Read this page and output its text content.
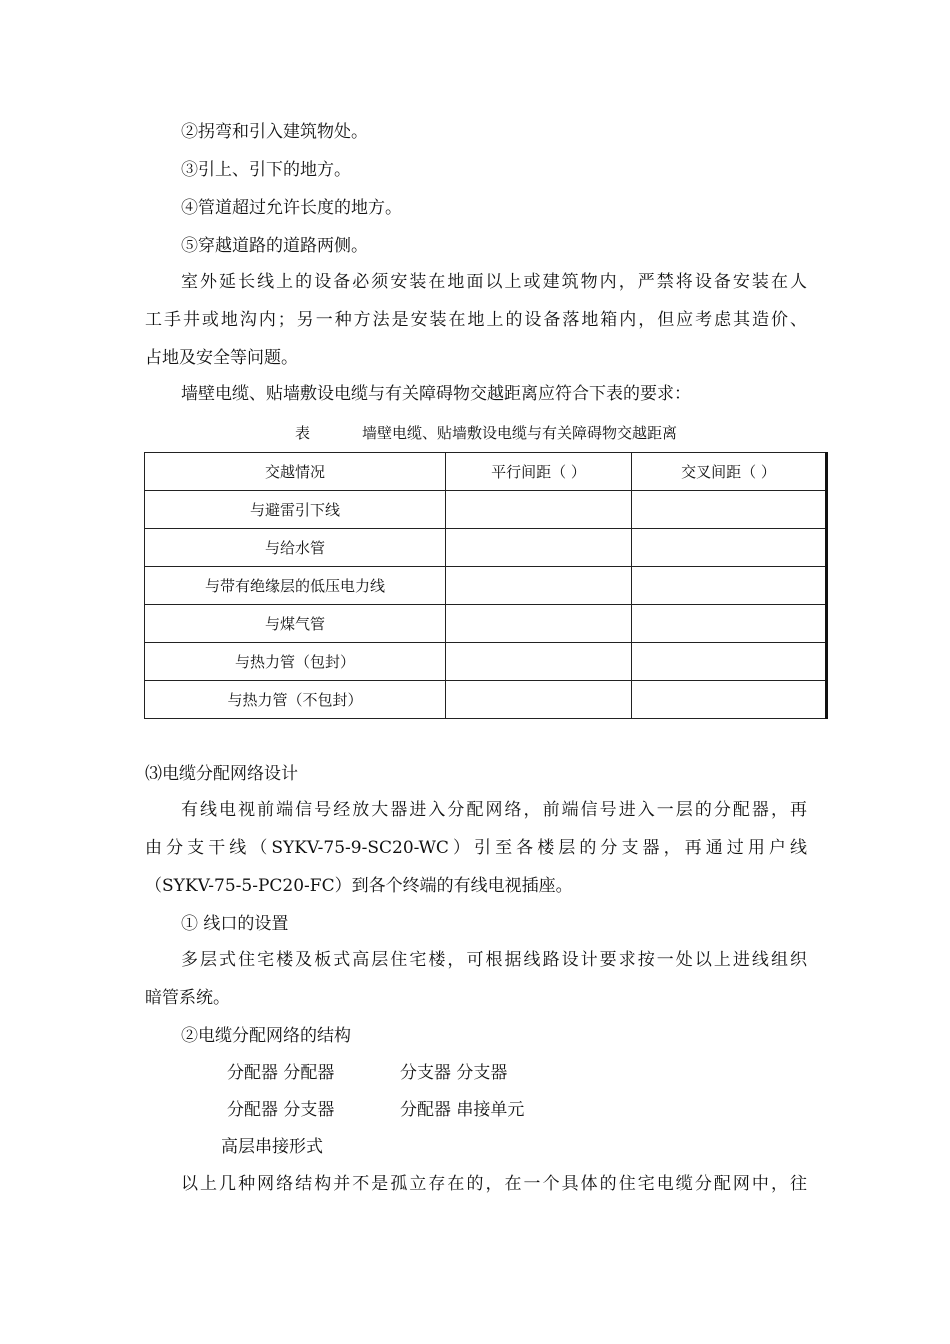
②拐弯和引入建筑物处。
③引上、引下的地方。
④管道超过允许长度的地方。
⑤穿越道路的道路两侧。
室外延长线上的设备必须安装在地面以上或建筑物内，严禁将设备安装在人
工手井或地沟内；另一种方法是安装在地上的设备落地箱内，但应考虑其造价、
占地及安全等问题。
墙壁电缆、贴墙敷设电缆与有关障碍物交越距离应符合下表的要求：
表	墙壁电缆、贴墙敷设电缆与有关障碍物交越距离
交越情况	平行间距（ ）	交叉间距（ ）
与避雷引下线		
与给水管		
与带有绝缘层的低压电力线		
与煤气管		
与热力管（包封）		
与热力管（不包封）		
⑶电缆分配网络设计
有线电视前端信号经放大器进入分配网络，前端信号进入一层的分配器，再
由分支干线（SYKV-75-9-SC20-WC）引至各楼层的分支器，再通过用户线
（SYKV-75-5-PC20-FC）到各个终端的有线电视插座。
① 线口的设置
多层式住宅楼及板式高层住宅楼，可根据线路设计要求按一处以上进线组织
暗管系统。
②电缆分配网络的结构
分配器 分配器	分支器 分支器
分配器 分支器	分配器 串接单元
高层串接形式
以上几种网络结构并不是孤立存在的，在一个具体的住宅电缆分配网中，往
